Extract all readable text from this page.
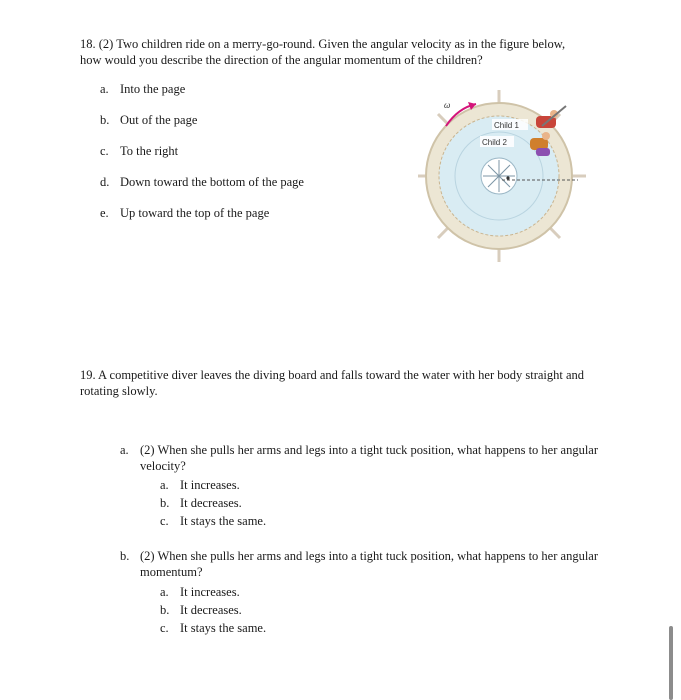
18. (2) Two children ride on a merry-go-round. Given the angular velocity as in the figure below, how would you describe the direction of the angular momentum of the children?

a. Into the page
b. Out of the page
c. To the right
d. Down toward the bottom of the page
e. Up toward the top of the page
ω
Child 1
Child 2

19. A competitive diver leaves the diving board and falls toward the water with her body straight and rotating slowly.

a. (2) When she pulls her arms and legs into a tight tuck position, what happens to her angular velocity?
a. It increases.
b. It decreases.
c. It stays the same.
b. (2) When she pulls her arms and legs into a tight tuck position, what happens to her angular momentum?
a. It increases.
b. It decreases.
c. It stays the same.
